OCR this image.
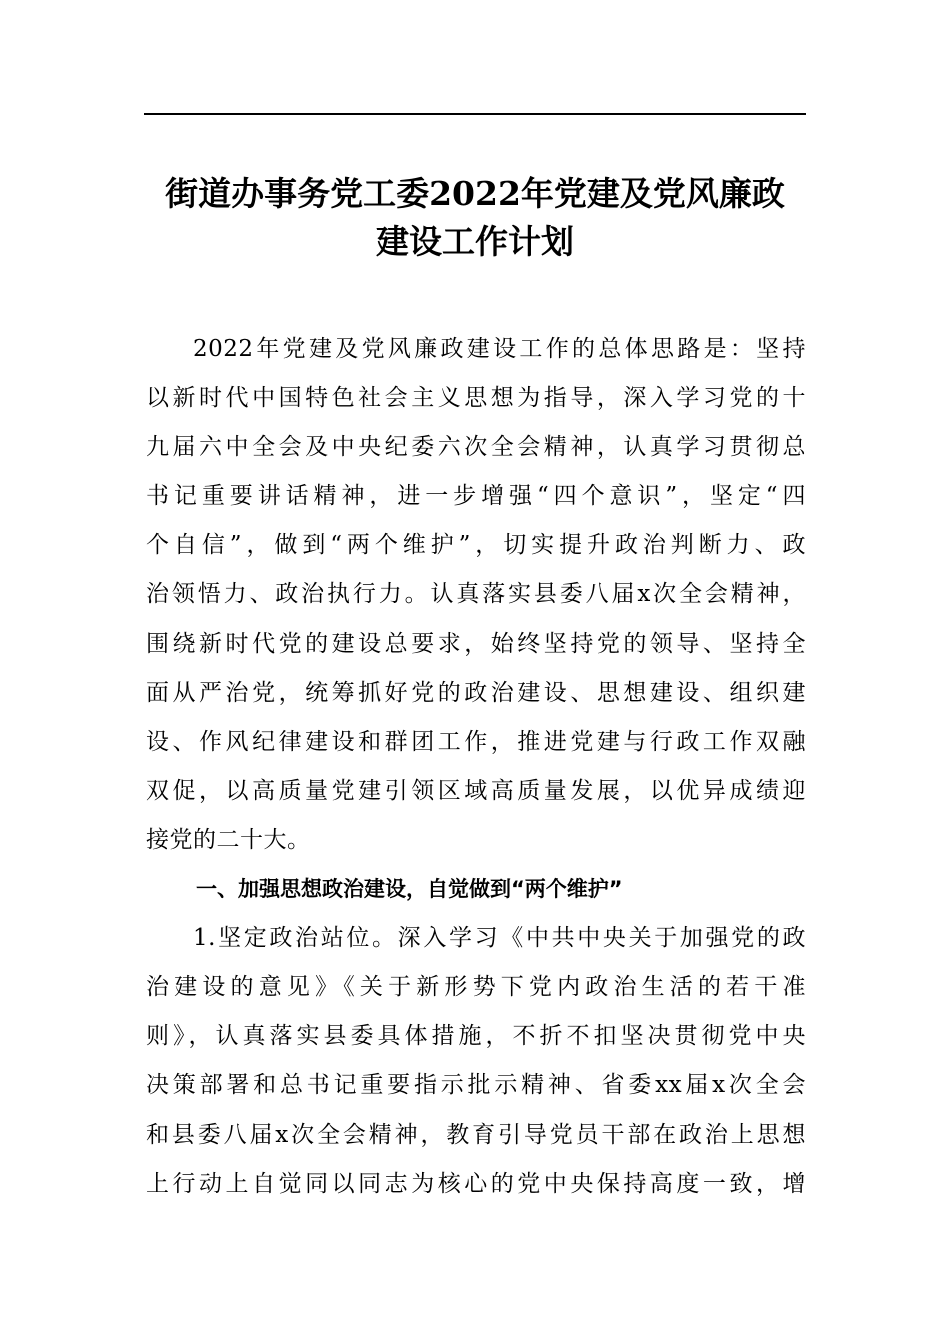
街道办事务党工委2022年党建及党风廉政
建设工作计划
2022年党建及党风廉政建设工作的总体思路是：坚持
以新时代中国特色社会主义思想为指导，深入学习党的十
九届六中全会及中央纪委六次全会精神，认真学习贯彻总
书记重要讲话精神，进一步增强“四个意识”，坚定“四
个自信”，做到“两个维护”，切实提升政治判断力、政
治领悟力、政治执行力。认真落实县委八届x次全会精神，
围绕新时代党的建设总要求，始终坚持党的领导、坚持全
面从严治党，统筹抓好党的政治建设、思想建设、组织建
设、作风纪律建设和群团工作，推进党建与行政工作双融
双促，以高质量党建引领区域高质量发展，以优异成绩迎
接党的二十大。
一、加强思想政治建设，自觉做到“两个维护”
1.坚定政治站位。深入学习《中共中央关于加强党的政
治建设的意见》《关于新形势下党内政治生活的若干准
则》，认真落实县委具体措施，不折不扣坚决贯彻党中央
决策部署和总书记重要指示批示精神、省委xx届x次全会
和县委八届x次全会精神，教育引导党员干部在政治上思想
上行动上自觉同以同志为核心的党中央保持高度一致，增
